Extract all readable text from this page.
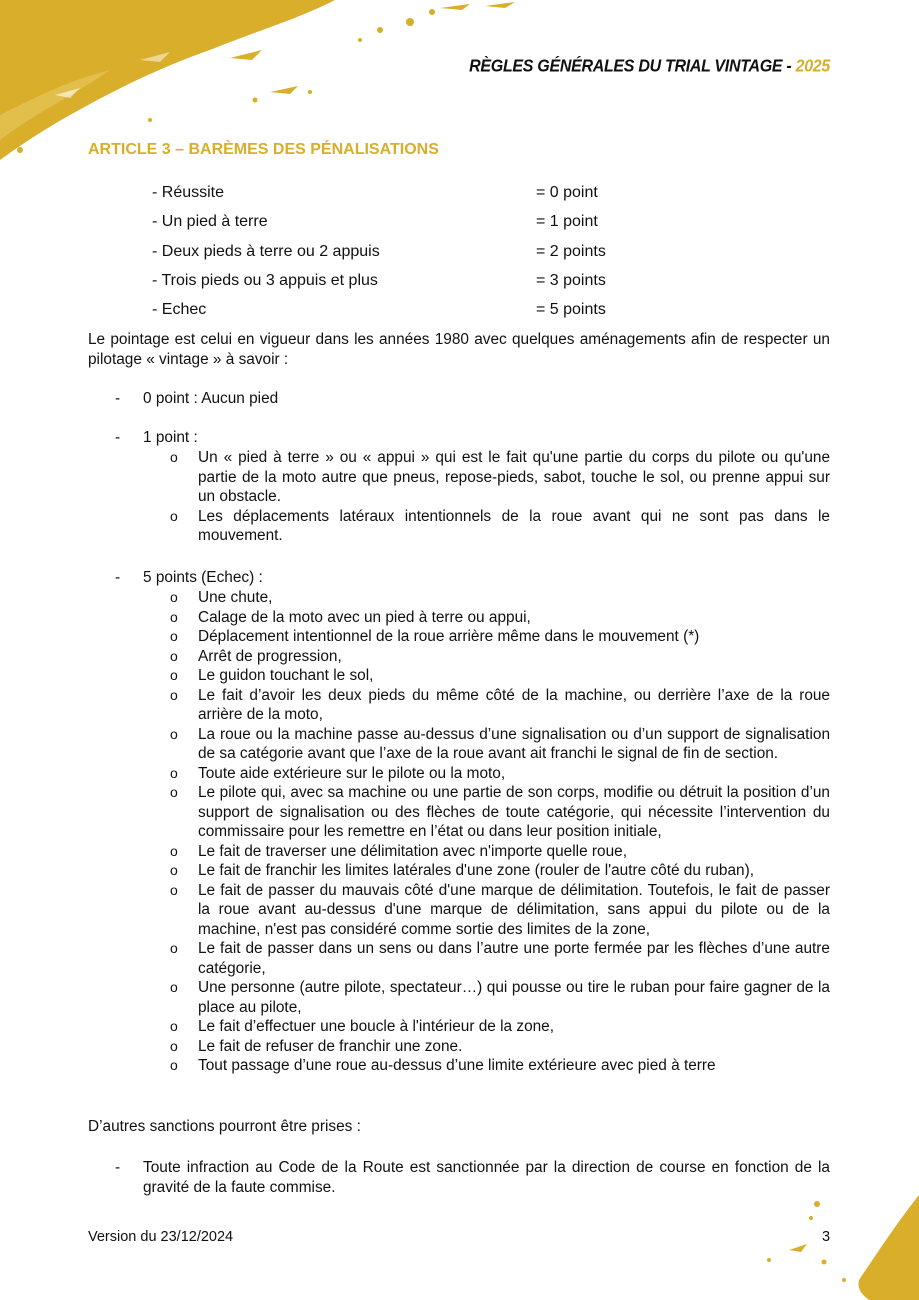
RÈGLES GÉNÉRALES DU TRIAL VINTAGE - 2025
ARTICLE 3 – BARÈMES DES PÉNALISATIONS
- Réussite	= 0 point
- Un pied à terre	= 1 point
- Deux pieds à terre ou 2 appuis	= 2 points
- Trois pieds ou 3 appuis et plus	= 3 points
- Echec	= 5 points

Le pointage est celui en vigueur dans les années 1980 avec quelques aménagements afin de respecter un pilotage « vintage » à savoir :

- 0 point : Aucun pied
- 1 point :
o Un « pied à terre » ou « appui » qui est le fait qu'une partie du corps du pilote ou qu'une partie de la moto autre que pneus, repose-pieds, sabot, touche le sol, ou prenne appui sur un obstacle.
o Les déplacements latéraux intentionnels de la roue avant qui ne sont pas dans le mouvement.
- 5 points (Echec) :
o Une chute,
o Calage de la moto avec un pied à terre ou appui,
o Déplacement intentionnel de la roue arrière même dans le mouvement (*)
o Arrêt de progression,
o Le guidon touchant le sol,
o Le fait d’avoir les deux pieds du même côté de la machine, ou derrière l’axe de la roue arrière de la moto,
o La roue ou la machine passe au-dessus d’une signalisation ou d’un support de signalisation de sa catégorie avant que l’axe de la roue avant ait franchi le signal de fin de section.
o Toute aide extérieure sur le pilote ou la moto,
o Le pilote qui, avec sa machine ou une partie de son corps, modifie ou détruit la position d’un support de signalisation ou des flèches de toute catégorie, qui nécessite l’intervention du commissaire pour les remettre en l’état ou dans leur position initiale,
o Le fait de traverser une délimitation avec n'importe quelle roue,
o Le fait de franchir les limites latérales d'une zone (rouler de l'autre côté du ruban),
o Le fait de passer du mauvais côté d'une marque de délimitation. Toutefois, le fait de passer la roue avant au-dessus d'une marque de délimitation, sans appui du pilote ou de la machine, n'est pas considéré comme sortie des limites de la zone,
o Le fait de passer dans un sens ou dans l’autre une porte fermée par les flèches d’une autre catégorie,
o Une personne (autre pilote, spectateur…) qui pousse ou tire le ruban pour faire gagner de la place au pilote,
o Le fait d’effectuer une boucle à l'intérieur de la zone,
o Le fait de refuser de franchir une zone.
o Tout passage d’une roue au-dessus d’une limite extérieure avec pied à terre

D’autres sanctions pourront être prises :

- Toute infraction au Code de la Route est sanctionnée par la direction de course en fonction de la gravité de la faute commise.
Version du 23/12/2024	3
